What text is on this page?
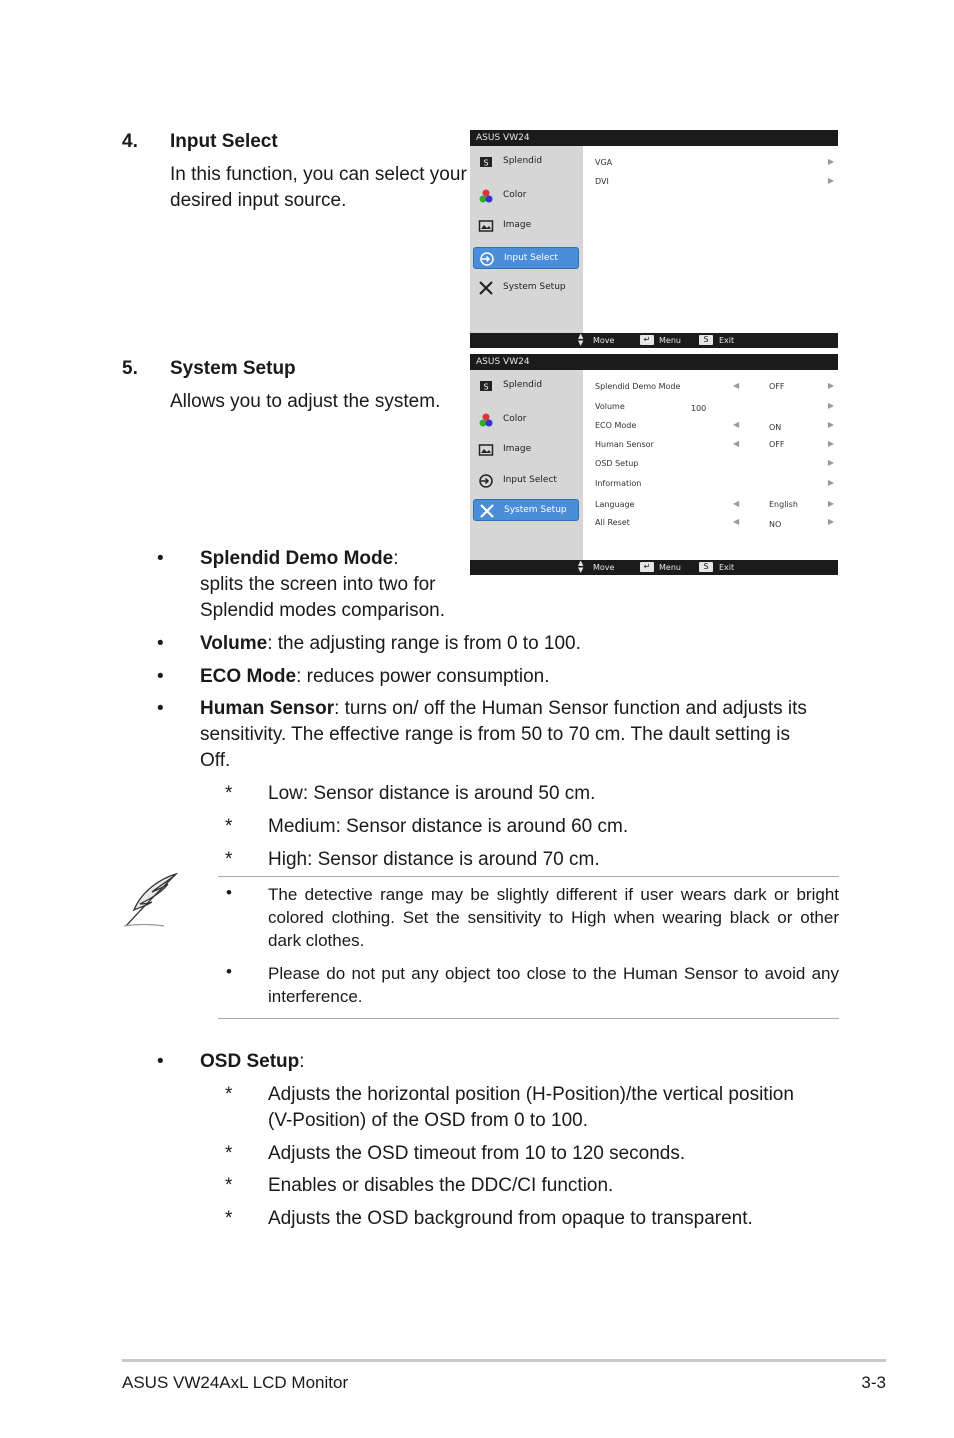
4. Input Select
In this function, you can select your
desired input source.
ASUS VW24
S Splendid
Color
Image
Input Select
System Setup
VGA	▶
DVI	▶
▲
▼ Move	↵	Menu	S	Exit
5. System Setup
Allows you to adjust the system.
ASUS VW24
S Splendid
Color
Image
Input Select
System Setup
Splendid Demo Mode	◀	OFF	▶
Volume	100	▶
ECO Mode	◀	ON	▶
Human Sensor	◀	OFF	▶
OSD Setup	▶
Information	▶
Language	◀	English	▶
All Reset	◀	NO	▶
▲
▼ Move	↵	Menu	S	Exit
• Splendid Demo Mode:
splits the screen into two for
Splendid modes comparison.
• Volume: the adjusting range is from 0 to 100.
• ECO Mode: reduces power consumption.
• Human Sensor: turns on/ off the Human Sensor function and adjusts its
sensitivity. The effective range is from 50 to 70 cm. The dault setting is
Off.
* Low: Sensor distance is around 50 cm.
* Medium: Sensor distance is around 60 cm.
* High: Sensor distance is around 70 cm.
• The detective range may be slightly different if user wears dark or bright colored clothing. Set the sensitivity to High when wearing black or other dark clothes.
• Please do not put any object too close to the Human Sensor to avoid any interference.
• OSD Setup:
* Adjusts the horizontal position (H-Position)/the vertical position
(V-Position) of the OSD from 0 to 100.
* Adjusts the OSD timeout from 10 to 120 seconds.
* Enables or disables the DDC/CI function.
* Adjusts the OSD background from opaque to transparent.
ASUS VW24AxL LCD Monitor	3-3
